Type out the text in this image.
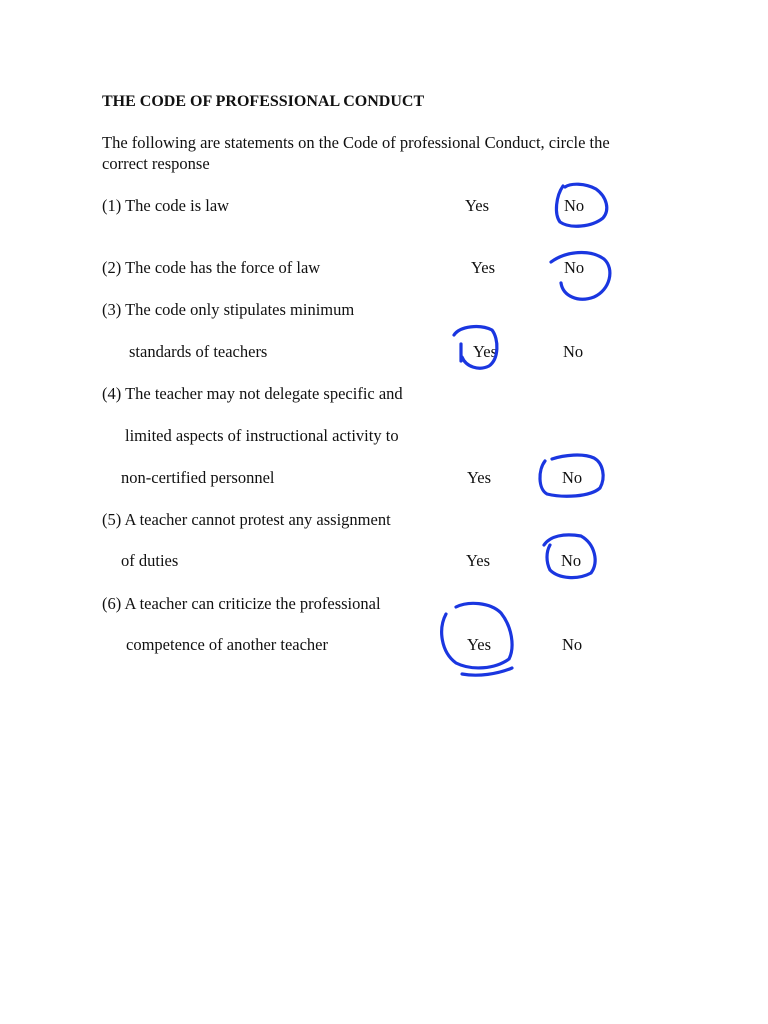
THE CODE OF PROFESSIONAL CONDUCT
The following are statements on the Code of professional Conduct, circle the
correct response
(1) The code is law	Yes	No
(2) The code has the force of law	Yes	No
(3) The code only stipulates minimum
standards of teachers	Yes	No
(4) The teacher may not delegate specific and
limited aspects of instructional activity to
non-certified personnel	Yes	No
(5) A teacher cannot protest any assignment
of duties	Yes	No
(6) A teacher can criticize the professional
competence of another teacher	Yes	No
